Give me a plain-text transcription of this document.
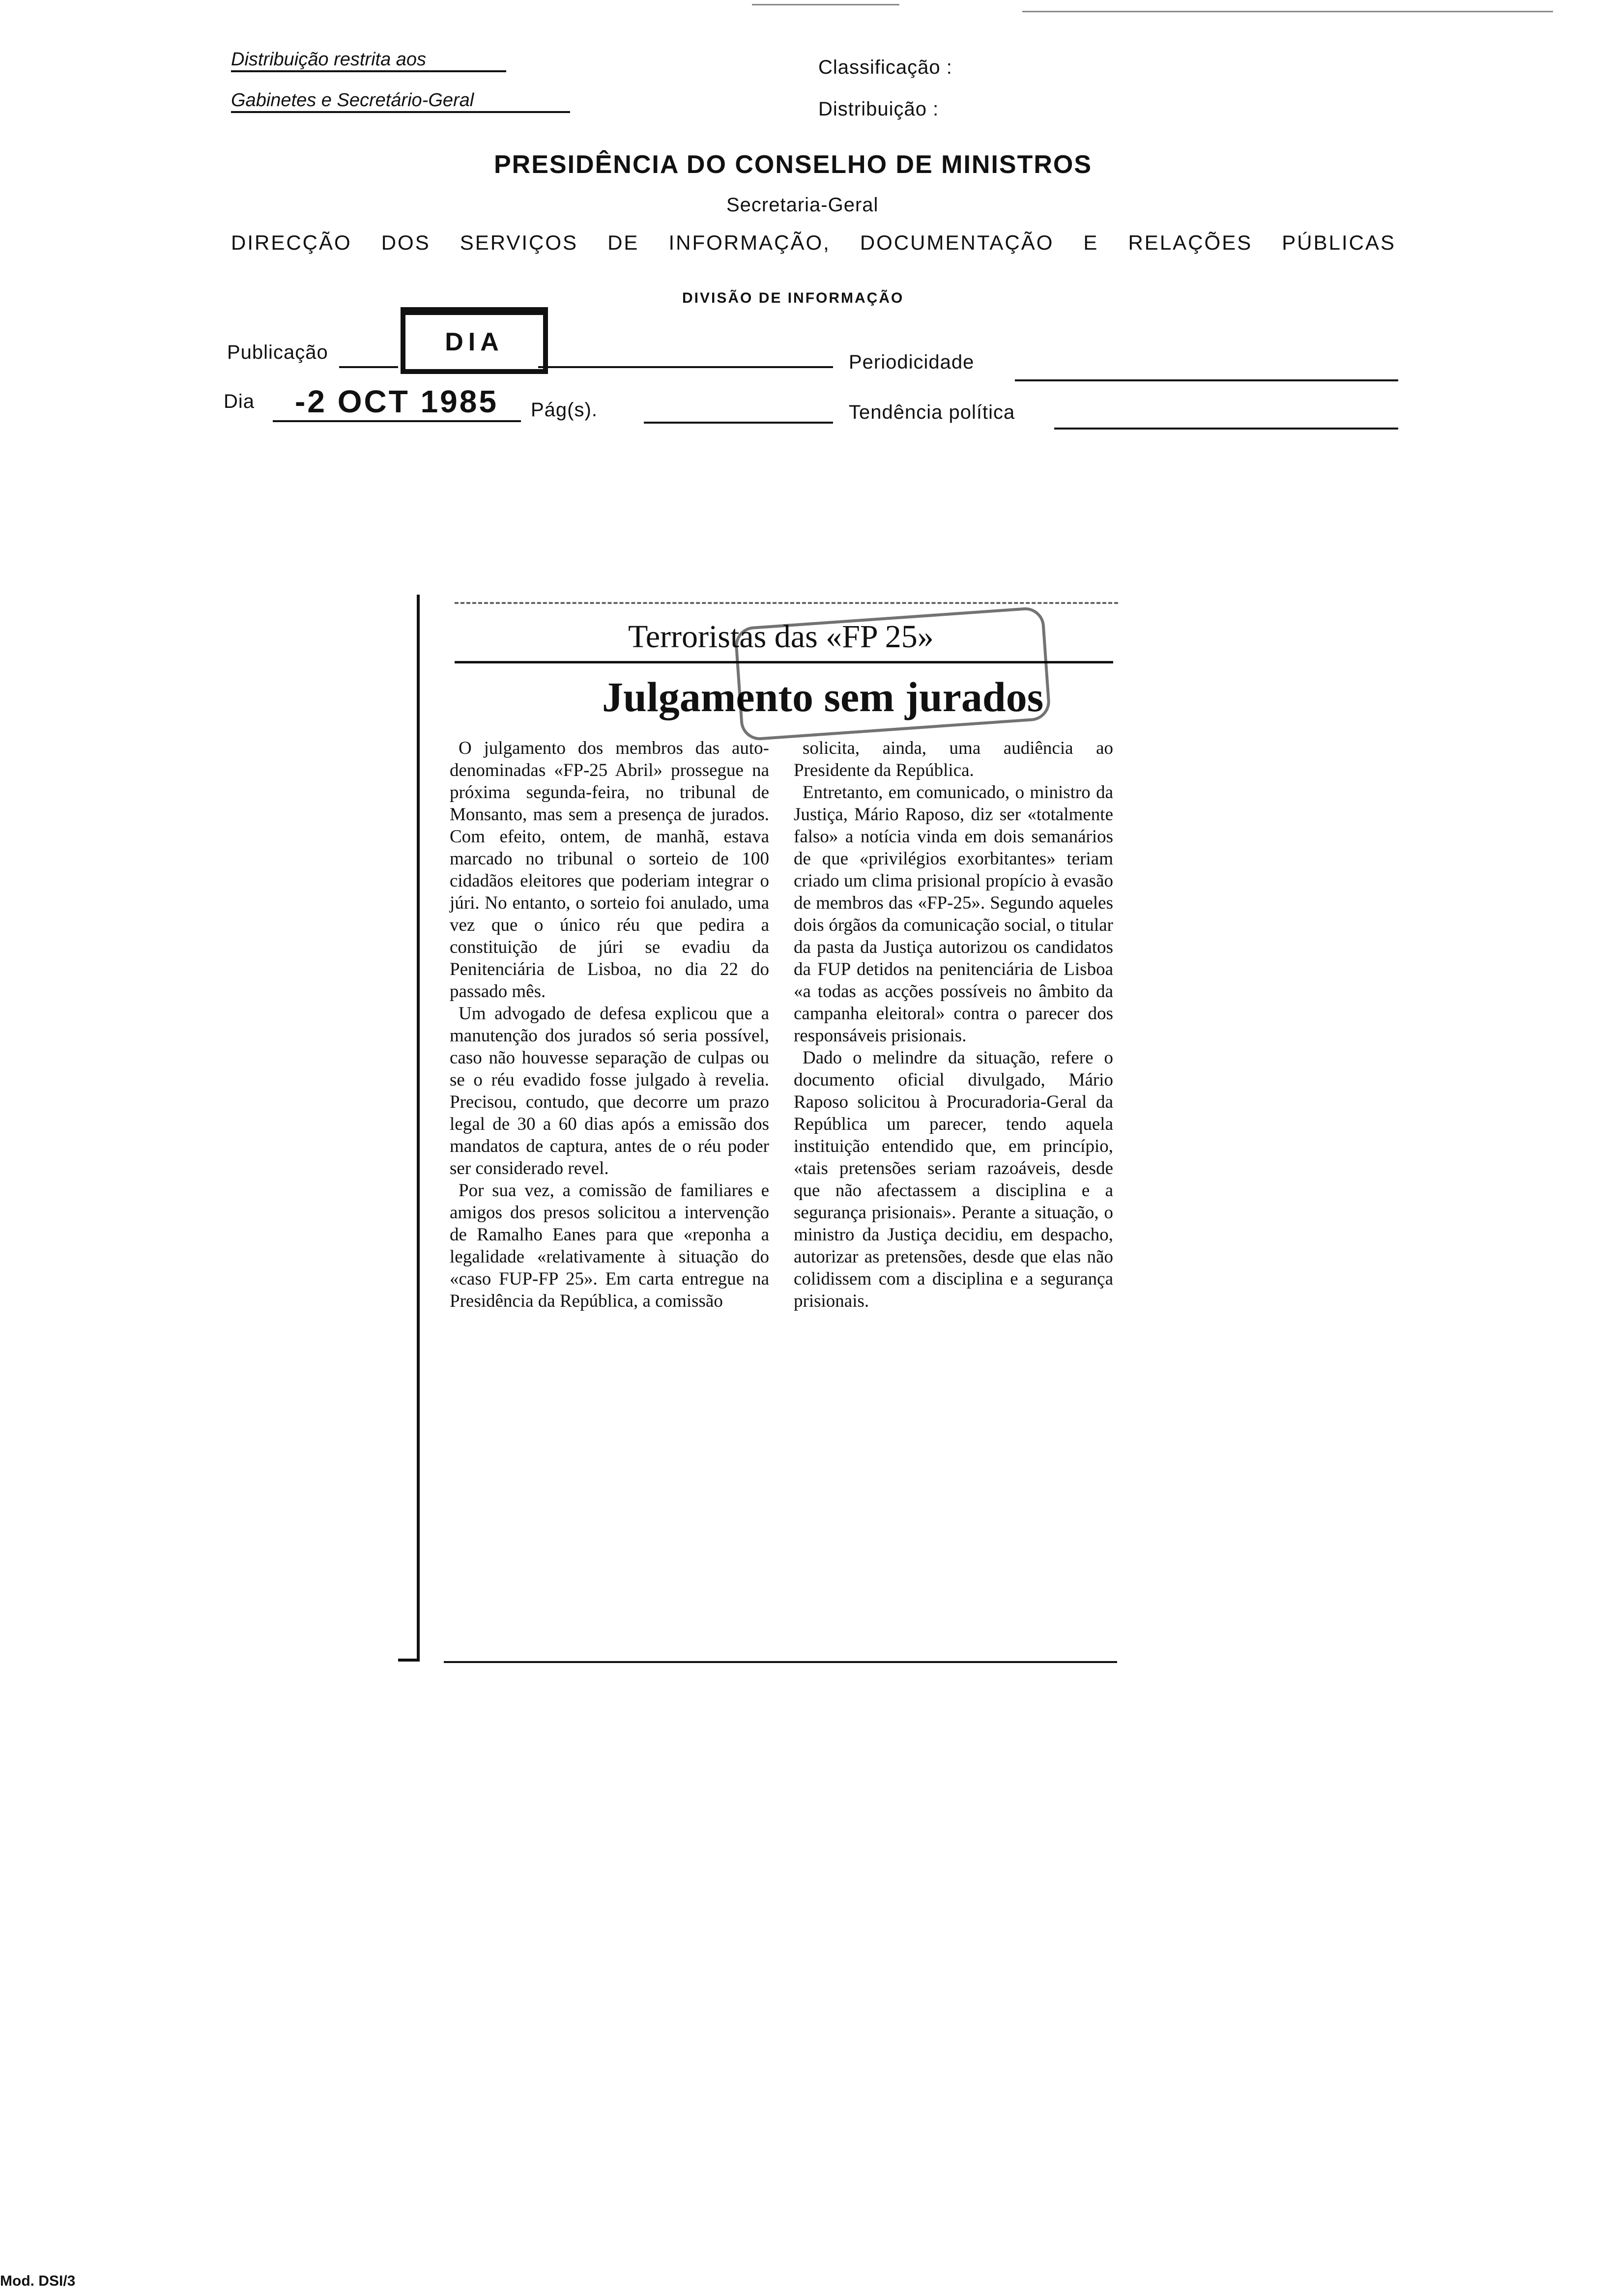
Distribuição restrita aos
Gabinetes e Secretário-Geral
Classificação :
Distribuição :
PRESIDÊNCIA DO CONSELHO DE MINISTROS
Secretaria-Geral
DIRECÇÃO DOS SERVIÇOS DE INFORMAÇÃO, DOCUMENTAÇÃO E RELAÇÕES PÚBLICAS
DIVISÃO DE INFORMAÇÃO
Publicação	DIA
Periodicidade
Dia -2 OCT 1985 Pág(s).	Tendência política
Terroristas das «FP 25»
Julgamento sem jurados

O julgamento dos membros das auto-denominadas «FP-25 Abril» prossegue na próxima segunda-feira, no tribunal de Monsanto, mas sem a presença de jurados. Com efeito, ontem, de manhã, estava marcado no tribunal o sorteio de 100 cidadãos eleitores que poderiam integrar o júri. No entanto, o sorteio foi anulado, uma vez que o único réu que pedira a constituição de júri se evadiu da Penitenciária de Lisboa, no dia 22 do passado mês.

Um advogado de defesa explicou que a manutenção dos jurados só seria possível, caso não houvesse separação de culpas ou se o réu evadido fosse julgado à revelia. Precisou, contudo, que decorre um prazo legal de 30 a 60 dias após a emissão dos mandatos de captura, antes de o réu poder ser considerado revel.

Por sua vez, a comissão de familiares e amigos dos presos solicitou a intervenção de Ramalho Eanes para que «reponha a legalidade «relativamente à situação do «caso FUP-FP 25». Em carta entregue na Presidência da República, a comissão

solicita, ainda, uma audiência ao Presidente da República.

Entretanto, em comunicado, o ministro da Justiça, Mário Raposo, diz ser «totalmente falso» a notícia vinda em dois semanários de que «privilégios exorbitantes» teriam criado um clima prisional propício à evasão de membros das «FP-25». Segundo aqueles dois órgãos da comunicação social, o titular da pasta da Justiça autorizou os candidatos da FUP detidos na penitenciária de Lisboa «a todas as acções possíveis no âmbito da campanha eleitoral» contra o parecer dos responsáveis prisionais.

Dado o melindre da situação, refere o documento oficial divulgado, Mário Raposo solicitou à Procuradoria-Geral da República um parecer, tendo aquela instituição entendido que, em princípio, «tais pretensões seriam razoáveis, desde que não afectassem a disciplina e a segurança prisionais». Perante a situação, o ministro da Justiça decidiu, em despacho, autorizar as pretensões, desde que elas não colidissem com a disciplina e a segurança prisionais.

Mod. DSI/3
